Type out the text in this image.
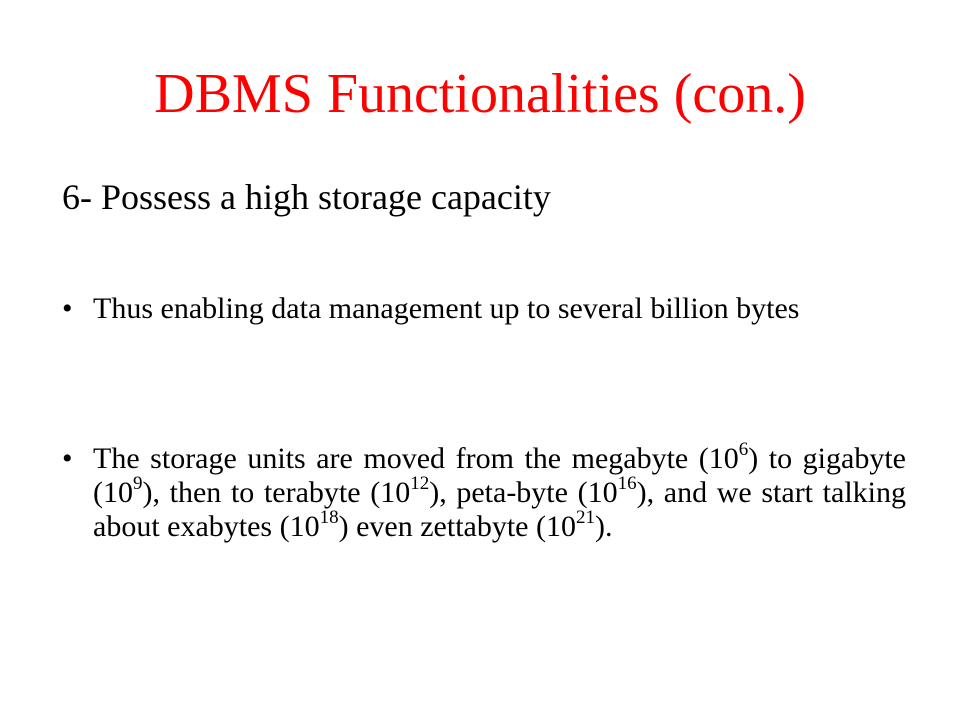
DBMS Functionalities (con.)
6- Possess a high storage capacity
• Thus enabling data management up to several billion bytes
• The storage units are moved from the megabyte $(10^6)$ to gigabyte $(10^9)$, then to terabyte $(10^{12})$, peta-byte $(10^{16})$, and we start talking about exabytes $(10^{18})$ even zettabyte $(10^{21})$.
